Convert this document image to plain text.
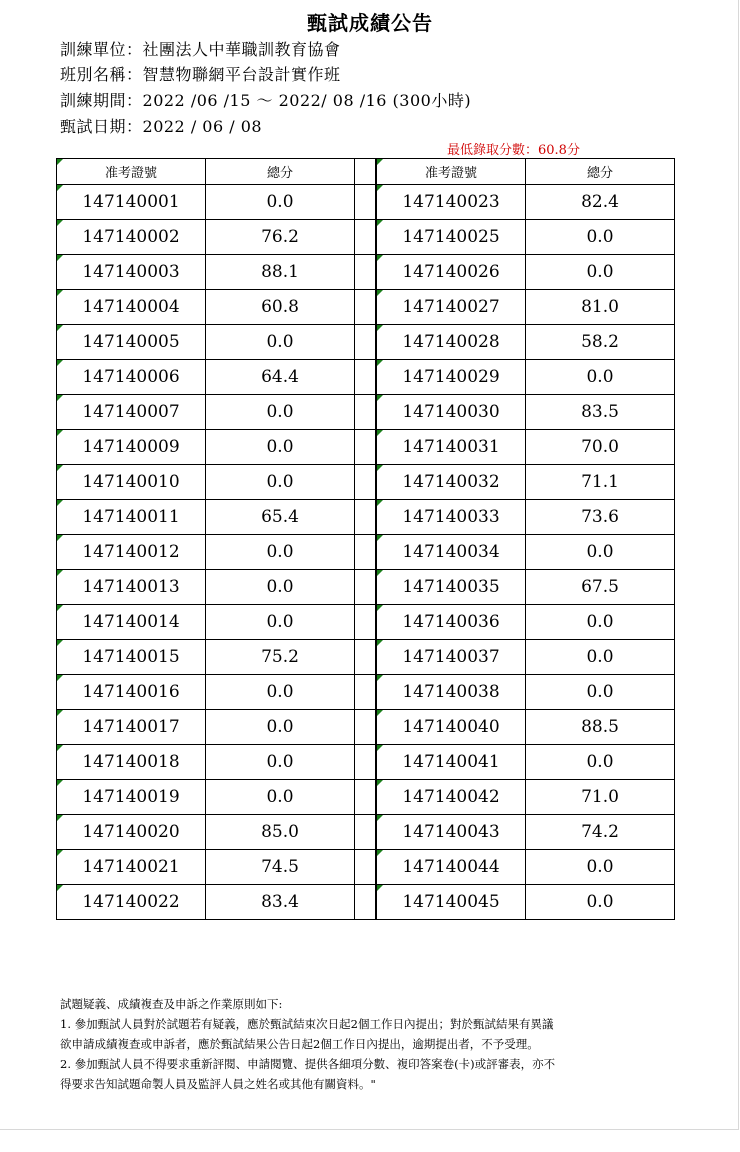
甄試成績公告
訓練單位：社團法人中華職訓教育協會
班別名稱：智慧物聯網平台設計實作班
訓練期間：2022 /06 /15 ～ 2022/ 08 /16 (300小時)
甄試日期：2022 / 06 / 08
最低錄取分數：60.8分
准考證號	總分	
147140001	0.0	
147140002	76.2	
147140003	88.1	
147140004	60.8	
147140005	0.0	
147140006	64.4	
147140007	0.0	
147140009	0.0	
147140010	0.0	
147140011	65.4	
147140012	0.0	
147140013	0.0	
147140014	0.0	
147140015	75.2	
147140016	0.0	
147140017	0.0	
147140018	0.0	
147140019	0.0	
147140020	85.0	
147140021	74.5	
147140022	83.4	
准考證號	總分
147140023	82.4
147140025	0.0
147140026	0.0
147140027	81.0
147140028	58.2
147140029	0.0
147140030	83.5
147140031	70.0
147140032	71.1
147140033	73.6
147140034	0.0
147140035	67.5
147140036	0.0
147140037	0.0
147140038	0.0
147140040	88.5
147140041	0.0
147140042	71.0
147140043	74.2
147140044	0.0
147140045	0.0
試題疑義、成績複查及申訴之作業原則如下:
1. 參加甄試人員對於試題若有疑義，應於甄試結束次日起2個工作日內提出；對於甄試結果有異議
欲申請成績複查或申訴者，應於甄試結果公告日起2個工作日內提出，逾期提出者，不予受理。
2. 參加甄試人員不得要求重新評閱、申請閱覽、提供各細項分數、複印答案卷(卡)或評審表，亦不
得要求告知試題命製人員及監評人員之姓名或其他有關資料。"
